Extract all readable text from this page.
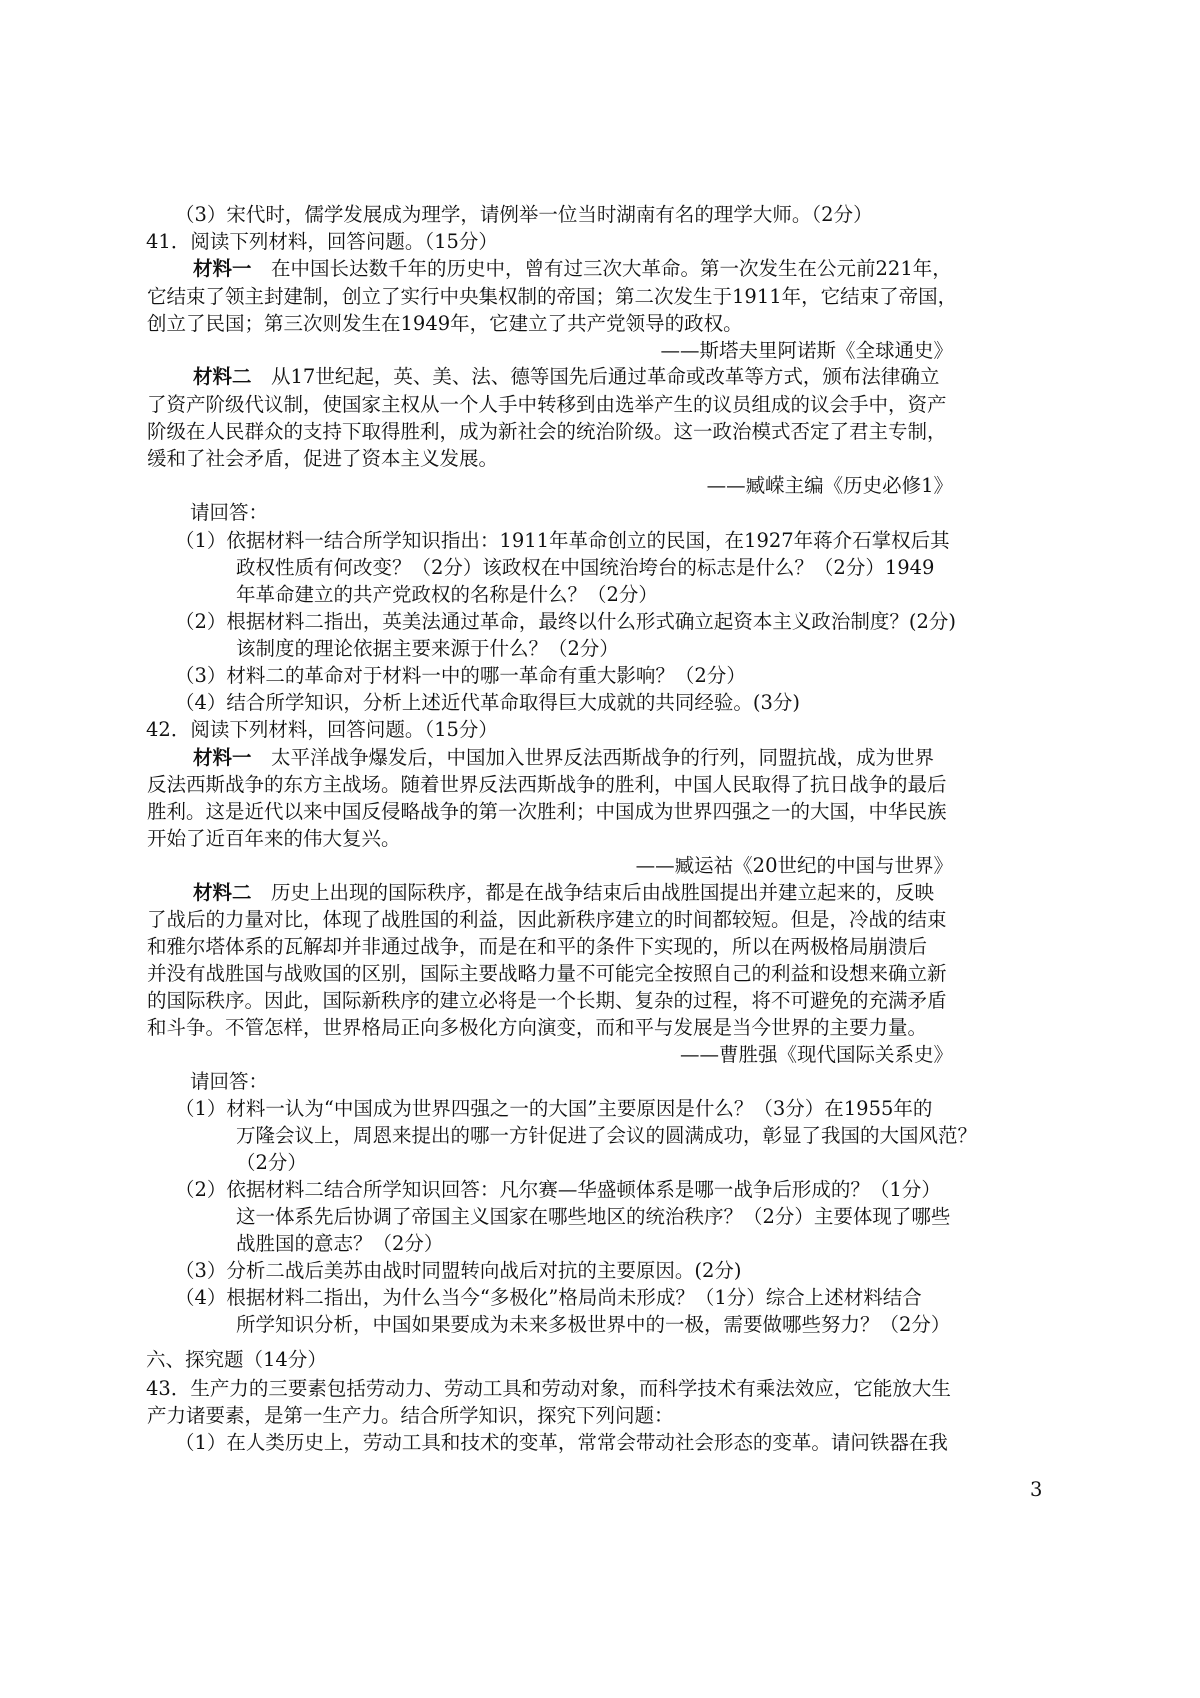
（3）宋代时，儒学发展成为理学，请例举一位当时湖南有名的理学大师。（2分）
41．阅读下列材料，回答问题。（15分）
材料一　在中国长达数千年的历史中，曾有过三次大革命。第一次发生在公元前221年，
它结束了领主封建制，创立了实行中央集权制的帝国；第二次发生于1911年，它结束了帝国，
创立了民国；第三次则发生在1949年，它建立了共产党领导的政权。
——斯塔夫里阿诺斯《全球通史》
材料二　从17世纪起，英、美、法、德等国先后通过革命或改革等方式，颁布法律确立
了资产阶级代议制，使国家主权从一个人手中转移到由选举产生的议员组成的议会手中，资产
阶级在人民群众的支持下取得胜利，成为新社会的统治阶级。这一政治模式否定了君主专制，
缓和了社会矛盾，促进了资本主义发展。
——臧嵘主编《历史必修1》
请回答：
（1）依据材料一结合所学知识指出：1911年革命创立的民国，在1927年蒋介石掌权后其
政权性质有何改变？（2分）该政权在中国统治垮台的标志是什么？（2分）1949
年革命建立的共产党政权的名称是什么？（2分）
（2）根据材料二指出，英美法通过革命，最终以什么形式确立起资本主义政治制度？(2分)
该制度的理论依据主要来源于什么？（2分）
（3）材料二的革命对于材料一中的哪一革命有重大影响？（2分）
（4）结合所学知识，分析上述近代革命取得巨大成就的共同经验。(3分)
42．阅读下列材料，回答问题。（15分）
材料一　太平洋战争爆发后，中国加入世界反法西斯战争的行列，同盟抗战，成为世界
反法西斯战争的东方主战场。随着世界反法西斯战争的胜利，中国人民取得了抗日战争的最后
胜利。这是近代以来中国反侵略战争的第一次胜利；中国成为世界四强之一的大国，中华民族
开始了近百年来的伟大复兴。
——臧运祜《20世纪的中国与世界》
材料二　历史上出现的国际秩序，都是在战争结束后由战胜国提出并建立起来的，反映
了战后的力量对比，体现了战胜国的利益，因此新秩序建立的时间都较短。但是，冷战的结束
和雅尔塔体系的瓦解却并非通过战争，而是在和平的条件下实现的，所以在两极格局崩溃后
并没有战胜国与战败国的区别，国际主要战略力量不可能完全按照自己的利益和设想来确立新
的国际秩序。因此，国际新秩序的建立必将是一个长期、复杂的过程，将不可避免的充满矛盾
和斗争。不管怎样，世界格局正向多极化方向演变，而和平与发展是当今世界的主要力量。
——曹胜强《现代国际关系史》
请回答：
（1）材料一认为“中国成为世界四强之一的大国”主要原因是什么？（3分）在1955年的
万隆会议上，周恩来提出的哪一方针促进了会议的圆满成功，彰显了我国的大国风范？
（2分）
（2）依据材料二结合所学知识回答：凡尔赛—华盛顿体系是哪一战争后形成的？（1分）
这一体系先后协调了帝国主义国家在哪些地区的统治秩序？（2分）主要体现了哪些
战胜国的意志？（2分）
（3）分析二战后美苏由战时同盟转向战后对抗的主要原因。(2分)
（4）根据材料二指出，为什么当今“多极化”格局尚未形成？（1分）综合上述材料结合
所学知识分析，中国如果要成为未来多极世界中的一极，需要做哪些努力？（2分）
六、探究题（14分）
43．生产力的三要素包括劳动力、劳动工具和劳动对象，而科学技术有乘法效应，它能放大生
产力诸要素，是第一生产力。结合所学知识，探究下列问题：
（1）在人类历史上，劳动工具和技术的变革，常常会带动社会形态的变革。请问铁器在我
3
